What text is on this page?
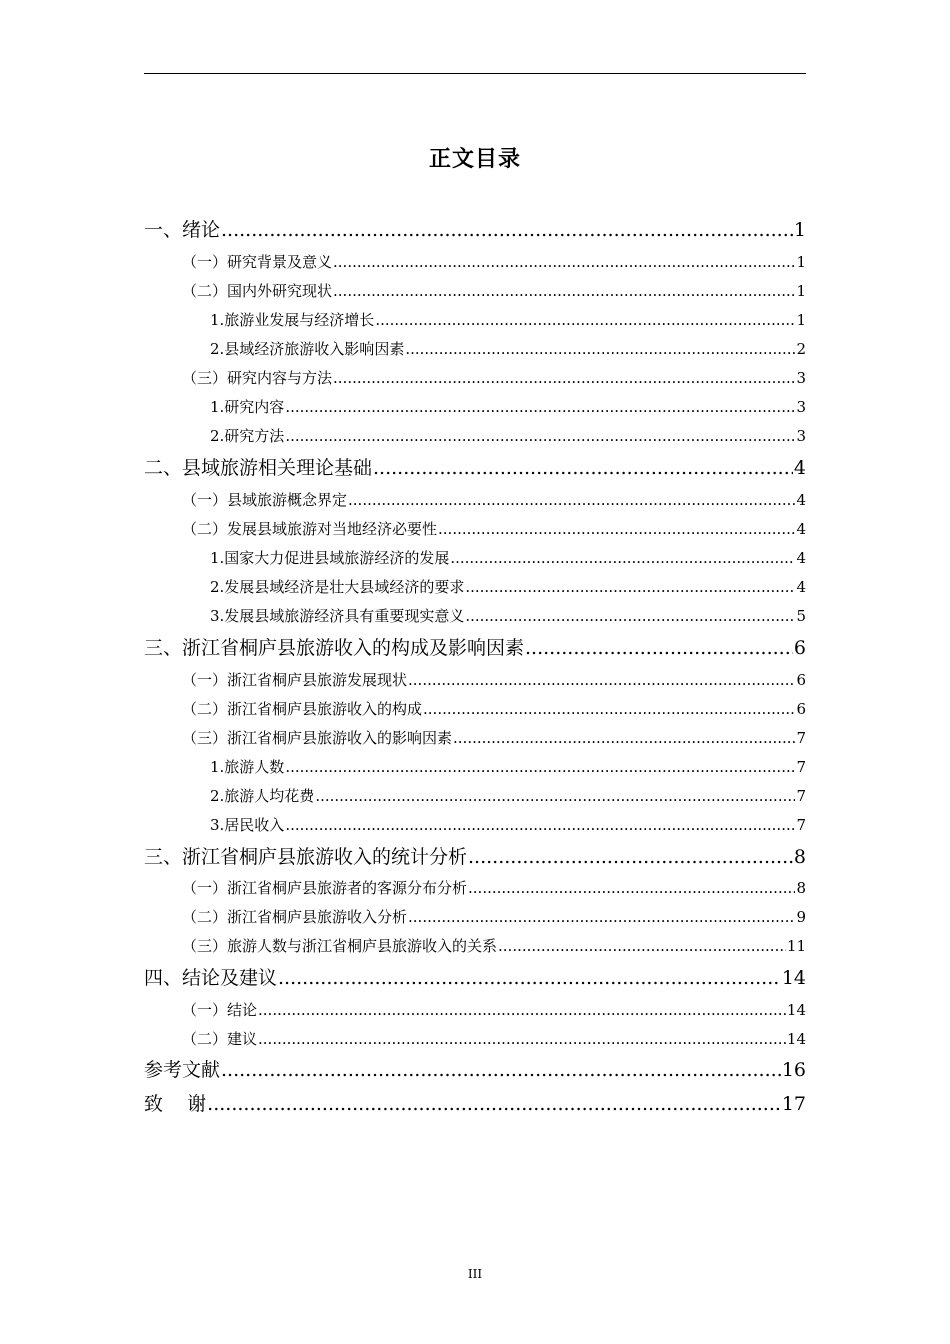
正文目录
一、绪论 .....	1
（一）研究背景及意义 .....	1
（二）国内外研究现状 .....	1
1.旅游业发展与经济增长 .....	1
2.县域经济旅游收入影响因素 .....	2
（三）研究内容与方法 .....	3
1.研究内容 .....	3
2.研究方法 .....	3
二、县域旅游相关理论基础 .....	4
（一）县域旅游概念界定 .....	4
（二）发展县域旅游对当地经济必要性 .....	4
1.国家大力促进县域旅游经济的发展 .....	4
2.发展县域经济是壮大县域经济的要求 .....	4
3.发展县域旅游经济具有重要现实意义 .....	5
三、浙江省桐庐县旅游收入的构成及影响因素 .....	6
（一）浙江省桐庐县旅游发展现状 .....	6
（二）浙江省桐庐县旅游收入的构成 .....	6
（三）浙江省桐庐县旅游收入的影响因素 .....	7
1.旅游人数 .....	7
2.旅游人均花费 .....	7
3.居民收入 .....	7
三、浙江省桐庐县旅游收入的统计分析 .....	8
（一）浙江省桐庐县旅游者的客源分布分析 .....	8
（二）浙江省桐庐县旅游收入分析 .....	9
（三）旅游人数与浙江省桐庐县旅游收入的关系 .....	11
四、结论及建议 .....	14
（一）结论 .....	14
（二）建议 .....	14
参考文献 .....	16
致    谢 .....	17
III
